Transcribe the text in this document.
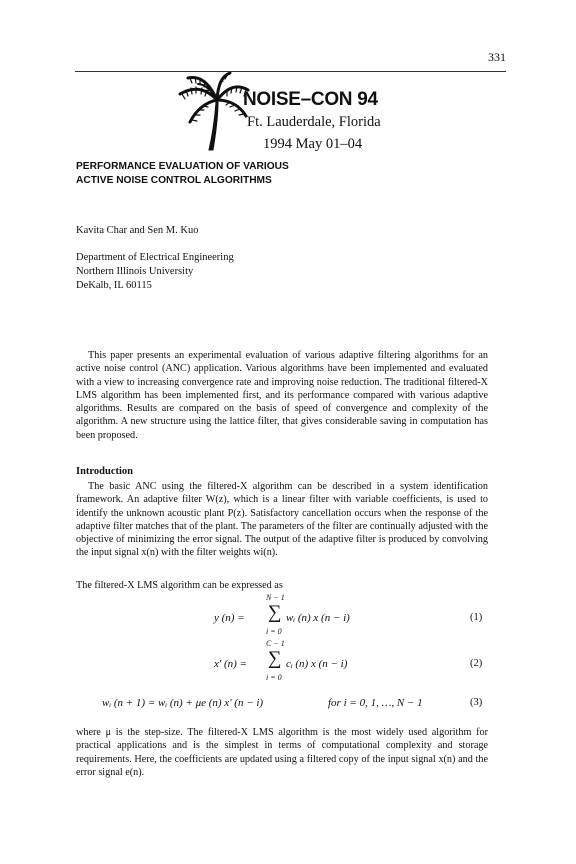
331
NOISE–CON 94
Ft. Lauderdale, Florida
1994 May 01–04
PERFORMANCE EVALUATION OF VARIOUS
ACTIVE NOISE CONTROL ALGORITHMS
Kavita Char and Sen M. Kuo
Department of Electrical Engineering
Northern Illinois University
DeKalb, IL 60115
This paper presents an experimental evaluation of various adaptive filtering algorithms for an active noise control (ANC) application. Various algorithms have been implemented and evaluated with a view to increasing convergence rate and improving noise reduction. The traditional filtered-X LMS algorithm has been implemented first, and its performance compared with various adaptive algorithms. Results are compared on the basis of speed of convergence and complexity of the algorithm. A new structure using the lattice filter, that gives considerable saving in computation has been proposed.
Introduction
The basic ANC using the filtered-X algorithm can be described in a system identification framework. An adaptive filter W(z), which is a linear filter with variable coefficients, is used to identify the unknown acoustic plant P(z). Satisfactory cancellation occurs when the response of the adaptive filter matches that of the plant. The parameters of the filter are continually adjusted with the objective of minimizing the error signal. The output of the adaptive filter is produced by convolving the input signal x(n) with the filter weights wi(n).
The filtered-X LMS algorithm can be expressed as
y (n) =
N − 1
∑
i = 0
wᵢ (n) x (n − i)	(1)
x' (n) =
C − 1
∑
i = 0
cᵢ (n) x (n − i)	(2)
wᵢ (n + 1) = wᵢ (n) + μe (n) x' (n − i)	for i = 0, 1, …, N − 1	(3)
where μ is the step-size. The filtered-X LMS algorithm is the most widely used algorithm for practical applications and is the simplest in terms of computational complexity and storage requirements. Here, the coefficients are updated using a filtered copy of the input signal x(n) and the error signal e(n).
